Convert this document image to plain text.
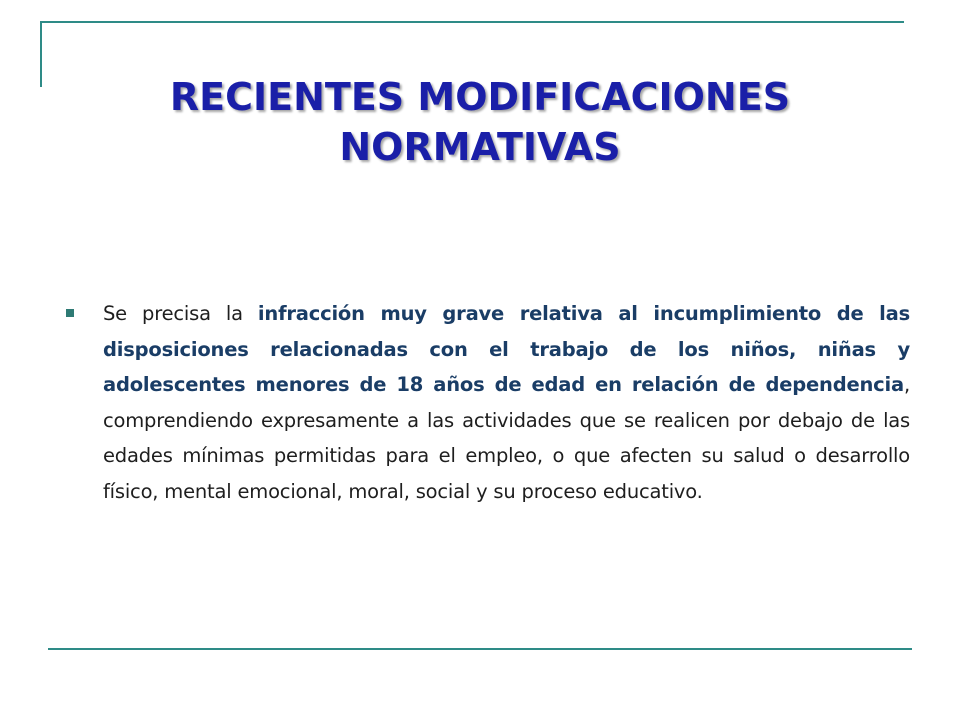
RECIENTES MODIFICACIONES
NORMATIVAS

Se precisa la infracción muy grave relativa al incumplimiento de las disposiciones relacionadas con el trabajo de los niños, niñas y adolescentes menores de 18 años de edad en relación de dependencia, comprendiendo expresamente a las actividades que se realicen por debajo de las edades mínimas permitidas para el empleo, o que afecten su salud o desarrollo físico, mental emocional, moral, social y su proceso educativo.
